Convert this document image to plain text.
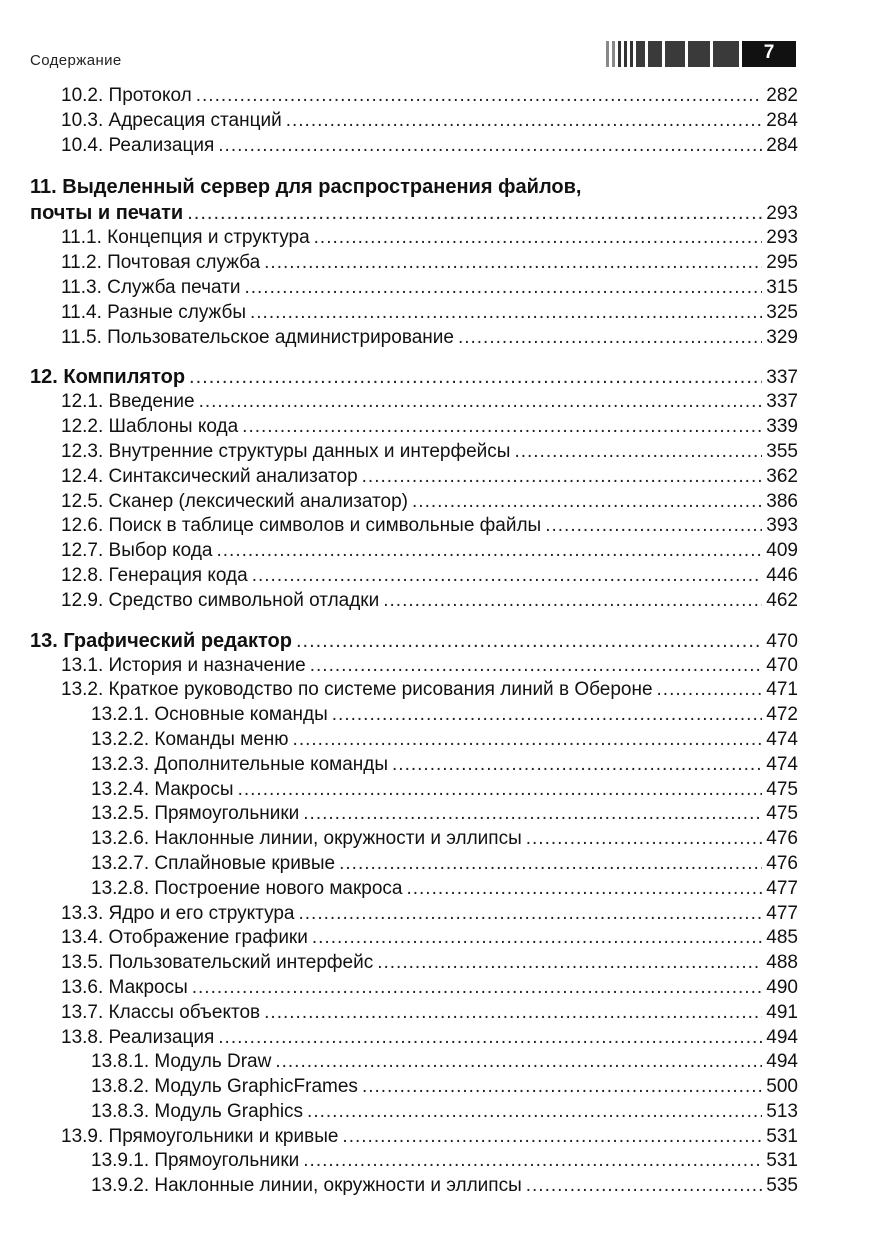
Содержание	7
10.2. Протокол .....	282
10.3. Адресация станций .....	284
10.4. Реализация .....	284
11. Выделенный сервер для распространения файлов,
почты и печати .....	293
11.1. Концепция и структура .....	293
11.2. Почтовая служба .....	295
11.3. Служба печати .....	315
11.4. Разные службы .....	325
11.5. Пользовательское администрирование .....	329
12. Компилятор .....	337
12.1. Введение .....	337
12.2. Шаблоны кода .....	339
12.3. Внутренние структуры данных и интерфейсы .....	355
12.4. Синтаксический анализатор .....	362
12.5. Сканер (лексический анализатор) .....	386
12.6. Поиск в таблице символов и символьные файлы .....	393
12.7. Выбор кода .....	409
12.8. Генерация кода .....	446
12.9. Средство символьной отладки .....	462
13. Графический редактор .....	470
13.1. История и назначение .....	470
13.2. Краткое руководство по системе рисования линий в Обероне .....	471
13.2.1. Основные команды .....	472
13.2.2. Команды меню .....	474
13.2.3. Дополнительные команды .....	474
13.2.4. Макросы .....	475
13.2.5. Прямоугольники .....	475
13.2.6. Наклонные линии, окружности и эллипсы .....	476
13.2.7. Сплайновые кривые .....	476
13.2.8. Построение нового макроса .....	477
13.3. Ядро и его структура .....	477
13.4. Отображение графики .....	485
13.5. Пользовательский интерфейс .....	488
13.6. Макросы .....	490
13.7. Классы объектов .....	491
13.8. Реализация .....	494
13.8.1. Модуль Draw .....	494
13.8.2. Модуль GraphicFrames .....	500
13.8.3. Модуль Graphics .....	513
13.9. Прямоугольники и кривые .....	531
13.9.1. Прямоугольники .....	531
13.9.2. Наклонные линии, окружности и эллипсы .....	535
